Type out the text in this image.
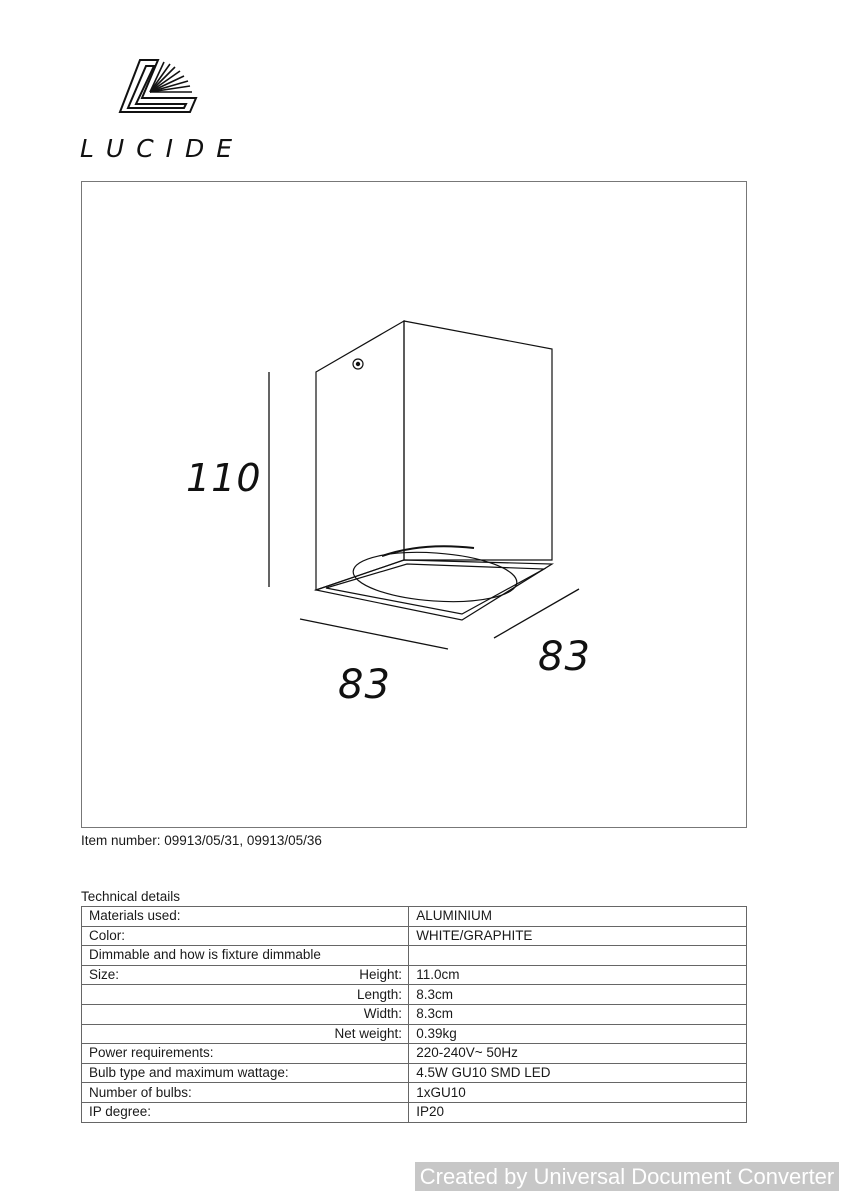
LUCIDE
110
83
83
Item number: 09913/05/31, 09913/05/36
Technical details
Materials used:	ALUMINIUM
Color:	WHITE/GRAPHITE
Dimmable and how is fixture dimmable	
Size: Height:	11.0cm
Length:	8.3cm
Width:	8.3cm
Net weight:	0.39kg
Power requirements:	220-240V~ 50Hz
Bulb type and maximum wattage:	4.5W GU10 SMD LED
Number of bulbs:	1xGU10
IP degree:	IP20
Created by Universal Document Converter
